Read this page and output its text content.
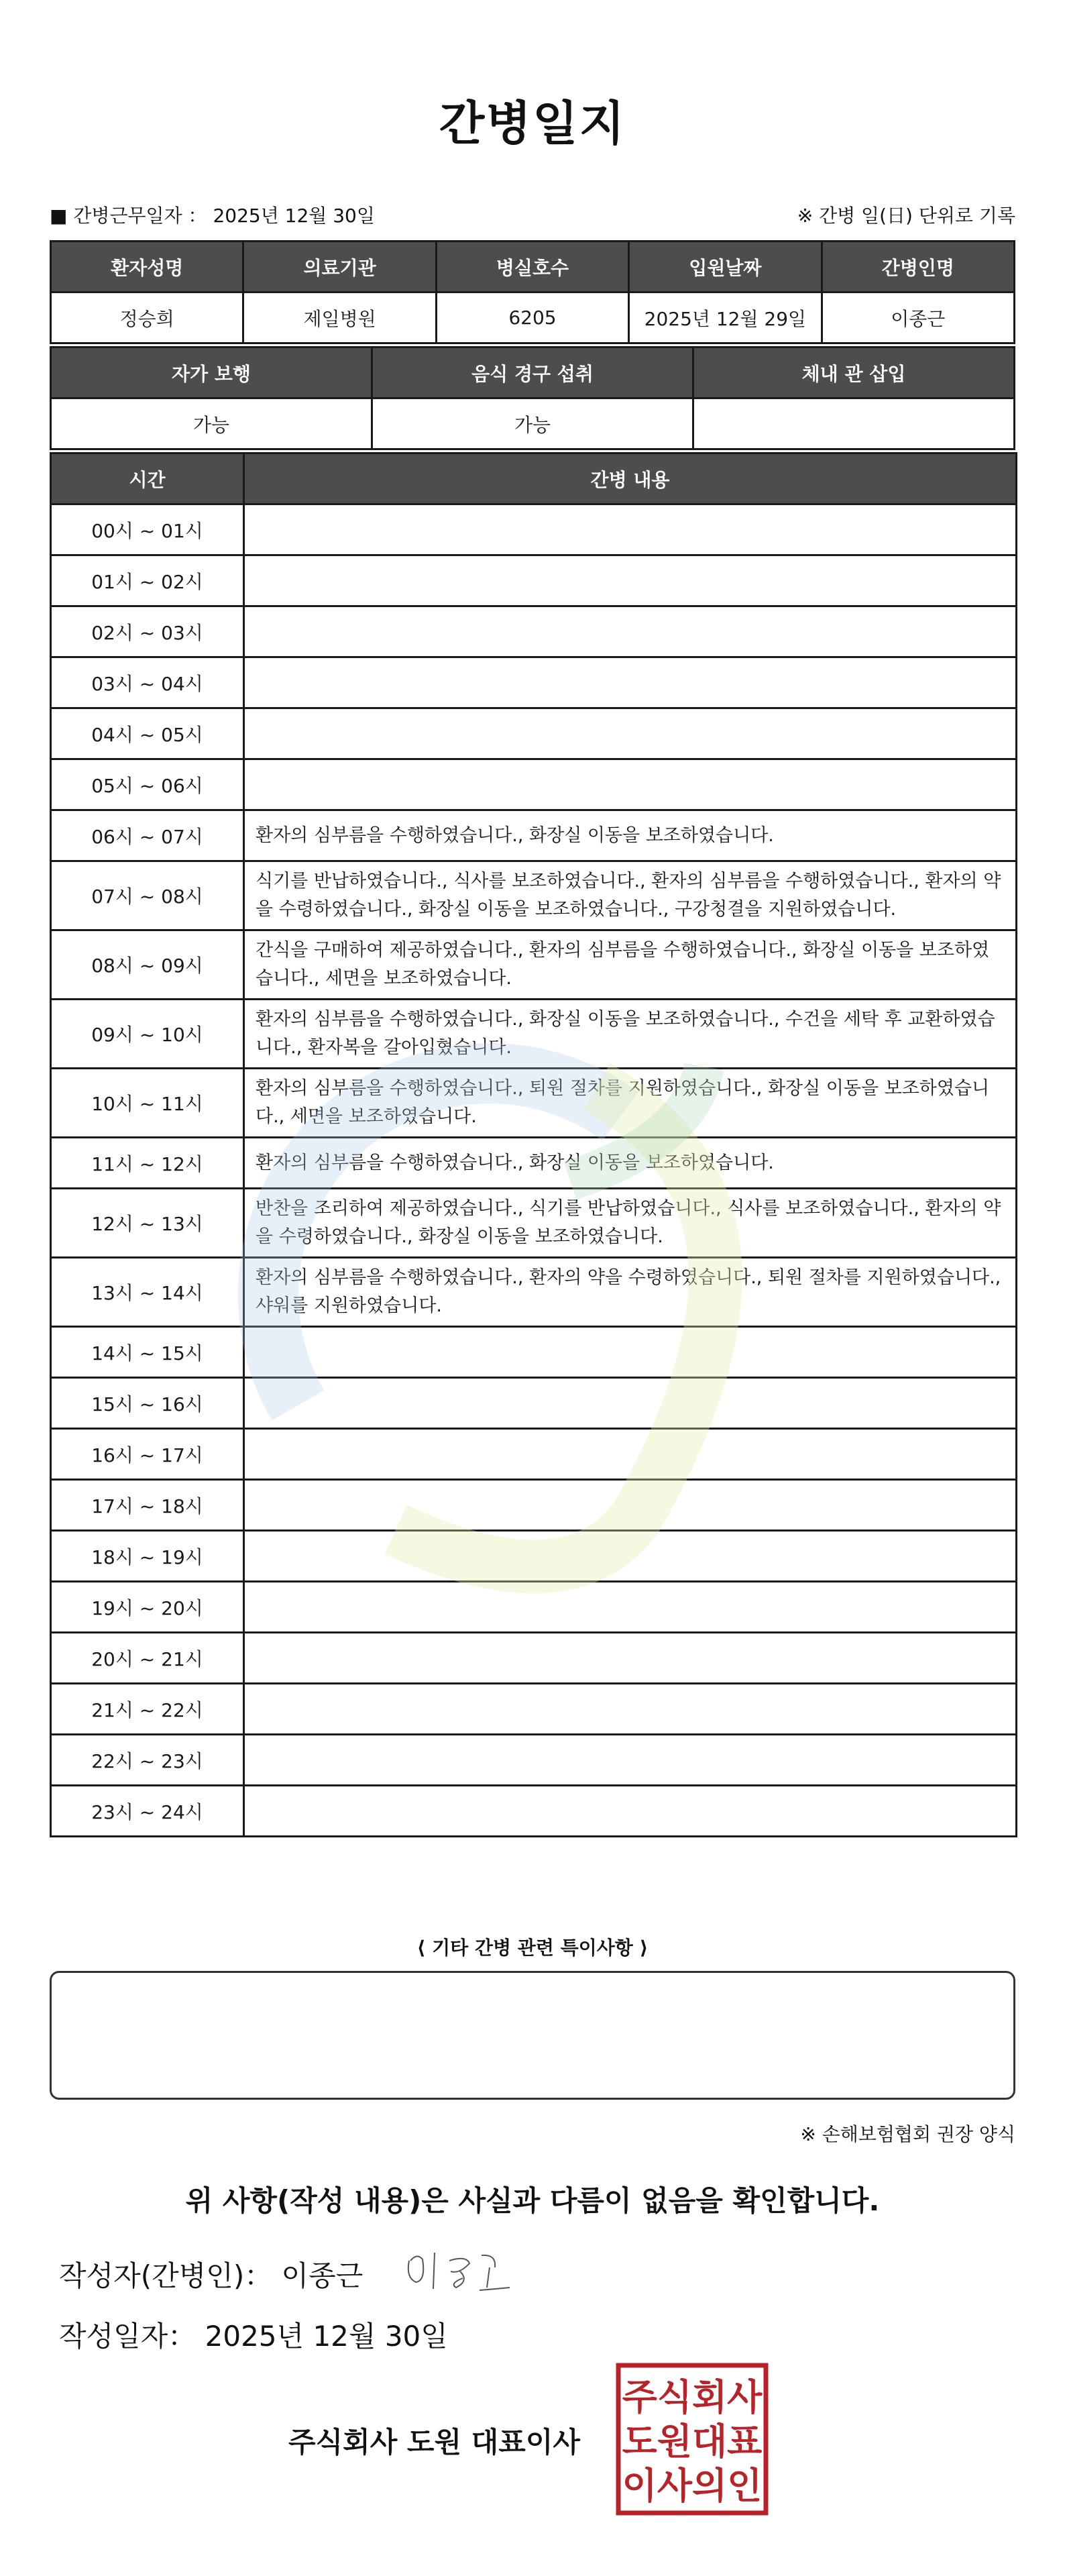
간병일지
■ 간병근무일자 ： 2025년 12월 30일	※ 간병 일(日) 단위로 기록
환자성명	의료기관	병실호수	입원날짜	간병인명
정승희	제일병원	6205	2025년 12월 29일	이종근
자가 보행	음식 경구 섭취	체내 관 삽입
가능	가능	
시간	간병 내용
00시 ~ 01시	
01시 ~ 02시	
02시 ~ 03시	
03시 ~ 04시	
04시 ~ 05시	
05시 ~ 06시	
06시 ~ 07시	환자의 심부름을 수행하였습니다., 화장실 이동을 보조하였습니다.
07시 ~ 08시	식기를 반납하였습니다., 식사를 보조하였습니다., 환자의 심부름을 수행하였습니다., 환자의 약을 수령하였습니다., 화장실 이동을 보조하였습니다., 구강청결을 지원하였습니다.
08시 ~ 09시	간식을 구매하여 제공하였습니다., 환자의 심부름을 수행하였습니다., 화장실 이동을 보조하였습니다., 세면을 보조하였습니다.
09시 ~ 10시	환자의 심부름을 수행하였습니다., 화장실 이동을 보조하였습니다., 수건을 세탁 후 교환하였습니다., 환자복을 갈아입혔습니다.
10시 ~ 11시	환자의 심부름을 수행하였습니다., 퇴원 절차를 지원하였습니다., 화장실 이동을 보조하였습니다., 세면을 보조하였습니다.
11시 ~ 12시	환자의 심부름을 수행하였습니다., 화장실 이동을 보조하였습니다.
12시 ~ 13시	반찬을 조리하여 제공하였습니다., 식기를 반납하였습니다., 식사를 보조하였습니다., 환자의 약을 수령하였습니다., 화장실 이동을 보조하였습니다.
13시 ~ 14시	환자의 심부름을 수행하였습니다., 환자의 약을 수령하였습니다., 퇴원 절차를 지원하였습니다., 샤워를 지원하였습니다.
14시 ~ 15시	
15시 ~ 16시	
16시 ~ 17시	
17시 ~ 18시	
18시 ~ 19시	
19시 ~ 20시	
20시 ~ 21시	
21시 ~ 22시	
22시 ~ 23시	
23시 ~ 24시	
⟨ 기타 간병 관련 특이사항 ⟩
※ 손해보험협회 권장 양식
위 사항(작성 내용)은 사실과 다름이 없음을 확인합니다.
작성자(간병인)： 이종근
작성일자： 2025년 12월 30일
주식회사 도원 대표이사
주식회사
도원대표
이사의인
